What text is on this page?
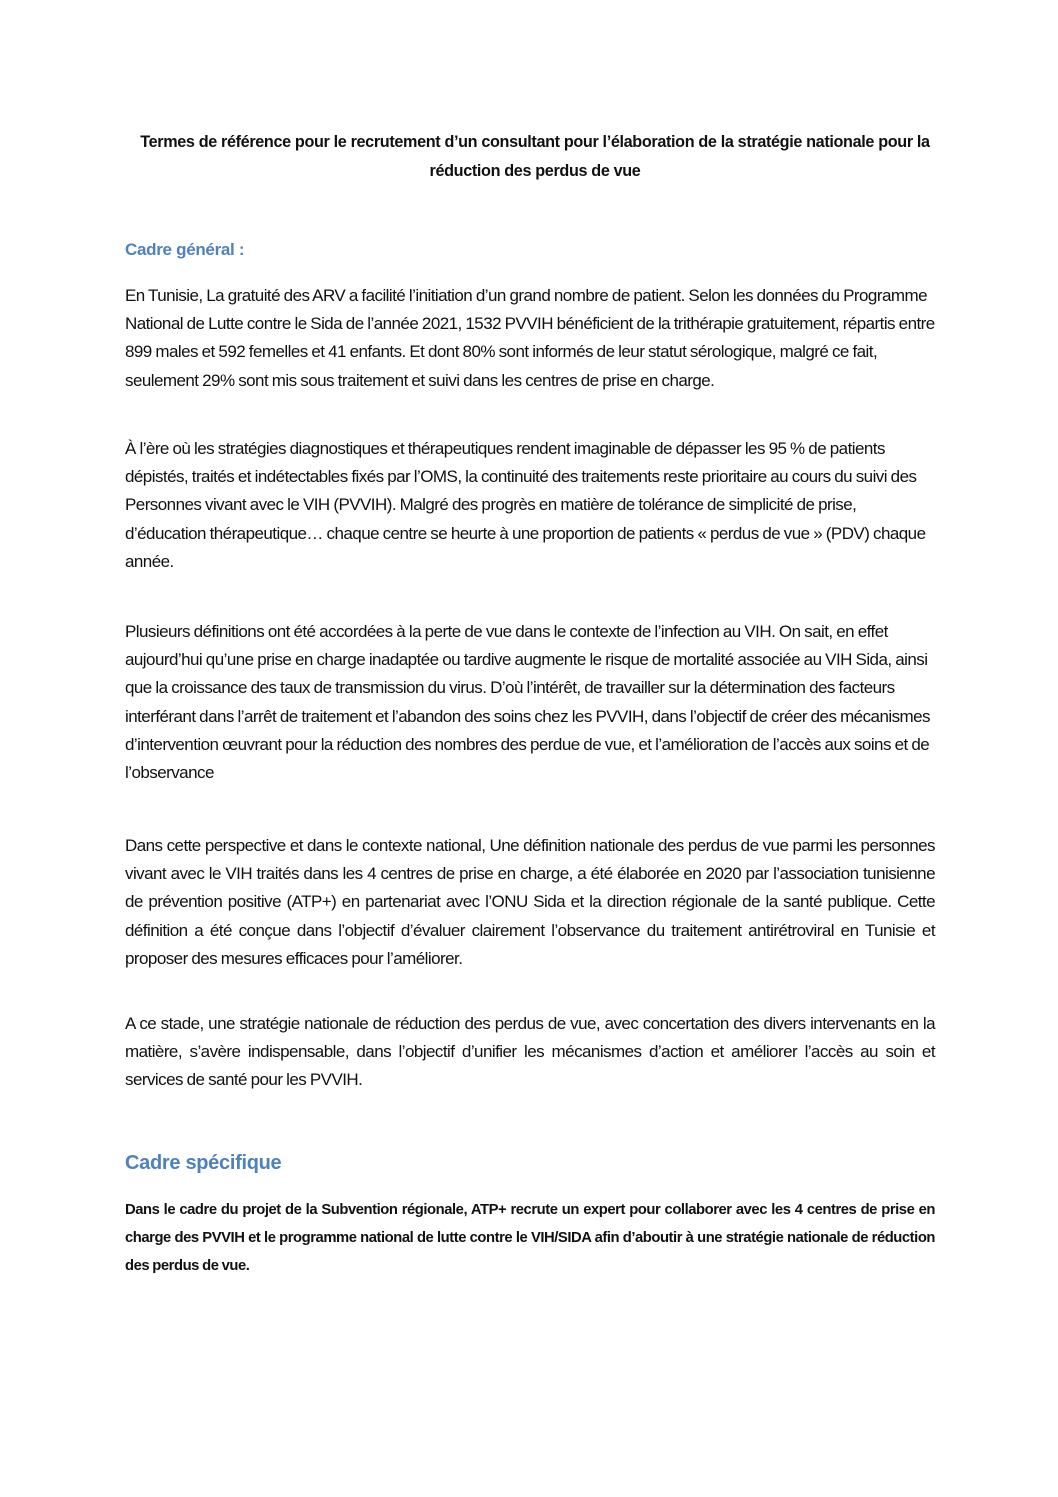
Termes de référence pour le recrutement d’un consultant pour l’élaboration de la stratégie nationale pour la réduction des perdus de vue
Cadre général :
En Tunisie, La gratuité des ARV a facilité l’initiation d’un grand nombre de patient. Selon les données du Programme National de Lutte contre le Sida de l’année 2021, 1532 PVVIH bénéficient de la trithérapie gratuitement, répartis entre 899 males et 592 femelles et 41 enfants. Et dont 80% sont informés de leur statut sérologique, malgré ce fait, seulement 29% sont mis sous traitement et suivi dans les centres de prise en charge.
À l’ère où les stratégies diagnostiques et thérapeutiques rendent imaginable de dépasser les 95 % de patients dépistés, traités et indétectables fixés par l’OMS, la continuité des traitements reste prioritaire au cours du suivi des Personnes vivant avec le VIH (PVVIH). Malgré des progrès en matière de tolérance de simplicité de prise, d’éducation thérapeutique… chaque centre se heurte à une proportion de patients « perdus de vue » (PDV) chaque année.
Plusieurs définitions ont été accordées à la perte de vue dans le contexte de l’infection au VIH. On sait, en effet aujourd’hui qu’une prise en charge inadaptée ou tardive augmente le risque de mortalité associée au VIH Sida, ainsi que la croissance des taux de transmission du virus. D’où l’intérêt, de travailler sur la détermination des facteurs interférant dans l’arrêt de traitement et l’abandon des soins chez les PVVIH, dans l’objectif de créer des mécanismes d’intervention œuvrant pour la réduction des nombres des perdue de vue, et l’amélioration de l’accès aux soins et de l’observance
Dans cette perspective et dans le contexte national, Une définition nationale des perdus de vue parmi les personnes vivant avec le VIH traités dans les 4 centres de prise en charge, a été élaborée en 2020 par l’association tunisienne de prévention positive (ATP+) en partenariat avec l’ONU Sida et la direction régionale de la santé publique. Cette définition a été conçue dans l’objectif d’évaluer clairement l’observance du traitement antirétroviral en Tunisie et proposer des mesures efficaces pour l’améliorer.
A ce stade, une stratégie nationale de réduction des perdus de vue, avec concertation des divers intervenants en la matière, s’avère indispensable, dans l’objectif d’unifier les mécanismes d’action et améliorer l’accès au soin et services de santé pour les PVVIH.
Cadre spécifique
Dans le cadre du projet de la Subvention régionale, ATP+ recrute un expert pour collaborer avec les 4 centres de prise en charge des PVVIH et le programme national de lutte contre le VIH/SIDA afin d’aboutir à une stratégie nationale de réduction des perdus de vue.
